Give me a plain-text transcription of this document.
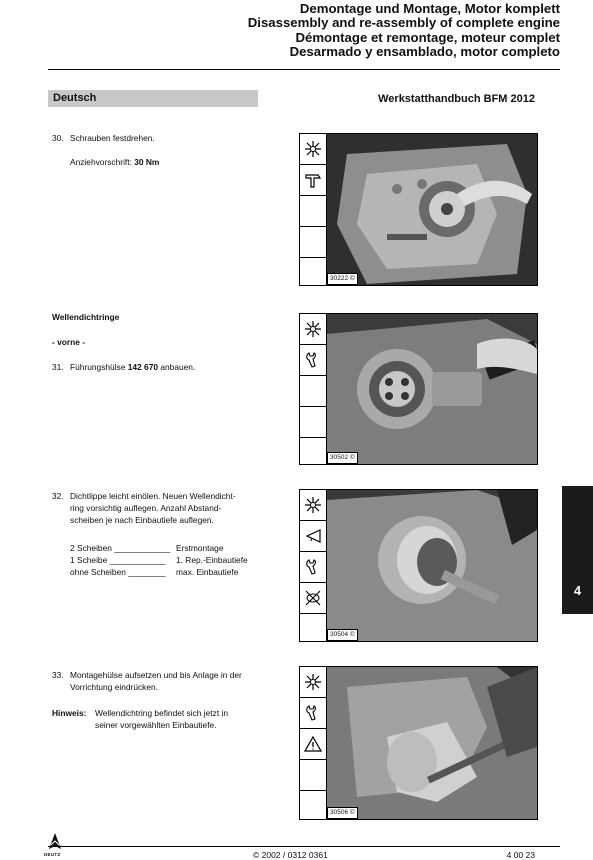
Demontage und Montage, Motor komplett
Disassembly and re-assembly of complete engine
Démontage et remontage, moteur complet
Desarmado y ensamblado, motor completo
Deutsch	Werkstatthandbuch BFM 2012
30. Schrauben festdrehen.
Anziehvorschrift: 30 Nm
Wellendichtringe
- vorne -
31. Führungshülse 142 670 anbauen.
32. Dichtlippe leicht einölen. Neuen Wellendicht-
ring vorsichtig auflegen. Anzahl Abstand-
scheiben je nach Einbautiefe auflegen.
2 Scheiben ____________ Erstmontage
1 Scheibe ____________ 1. Rep.-Einbautiefe
ohne Scheiben ________ max. Einbautiefe
33. Montagehülse aufsetzen und bis Anlage in der
Vorrichtung eindrücken.
Hinweis: Wellendichtring befindet sich jetzt in
seiner vorgewählten Einbautiefe.
30222 ©
30502 ©
30504 ©
30506 ©
4
DEUTZ	© 2002 / 0312 0361	4 00 23
